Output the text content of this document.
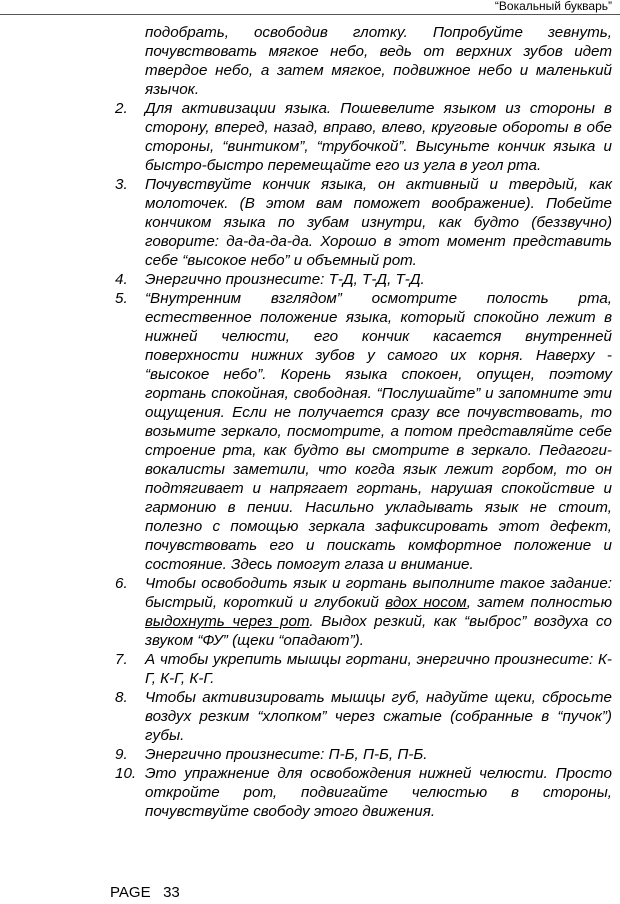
“Вокальный букварь”
подобрать, освободив глотку. Попробуйте зевнуть, почувствовать мягкое небо, ведь от верхних зубов идет твердое небо, а затем мягкое, подвижное небо и маленький язычок.
2. Для активизации языка. Пошевелите языком из стороны в сторону, вперед, назад, вправо, влево, круговые обороты в обе стороны, “винтиком”, “трубочкой”. Высуньте кончик языка и быстро-быстро перемещайте его из угла в угол рта.
3. Почувствуйте кончик языка, он активный и твердый, как молоточек. (В этом вам поможет воображение). Побейте кончиком языка по зубам изнутри, как будто (беззвучно) говорите: да-да-да-да. Хорошо в этот момент представить себе “высокое небо” и объемный рот.
4. Энергично произнесите: Т-Д, Т-Д, Т-Д.
5. “Внутренним взглядом” осмотрите полость рта, естественное положение языка, который спокойно лежит в нижней челюсти, его кончик касается внутренней поверхности нижних зубов у самого их корня. Наверху - “высокое небо”. Корень языка спокоен, опущен, поэтому гортань спокойная, свободная. “Послушайте” и запомните эти ощущения. Если не получается сразу все почувствовать, то возьмите зеркало, посмотрите, а потом представляйте себе строение рта, как будто вы смотрите в зеркало. Педагоги-вокалисты заметили, что когда язык лежит горбом, то он подтягивает и напрягает гортань, нарушая спокойствие и гармонию в пении. Насильно укладывать язык не стоит, полезно с помощью зеркала зафиксировать этот дефект, почувствовать его и поискать комфортное положение и состояние. Здесь помогут глаза и внимание.
6. Чтобы освободить язык и гортань выполните такое задание: быстрый, короткий и глубокий вдох носом, затем полностью выдохнуть через рот. Выдох резкий, как “выброс” воздуха со звуком “ФУ” (щеки “опадают”).
7. А чтобы укрепить мышцы гортани, энергично произнесите: К-Г, К-Г, К-Г.
8. Чтобы активизировать мышцы губ, надуйте щеки, сбросьте воздух резким “хлопком” через сжатые (собранные в “пучок”) губы.
9. Энергично произнесите: П-Б, П-Б, П-Б.
10. Это упражнение для освобождения нижней челюсти. Просто откройте рот, подвигайте челюстью в стороны, почувствуйте свободу этого движения.
PAGE 33
